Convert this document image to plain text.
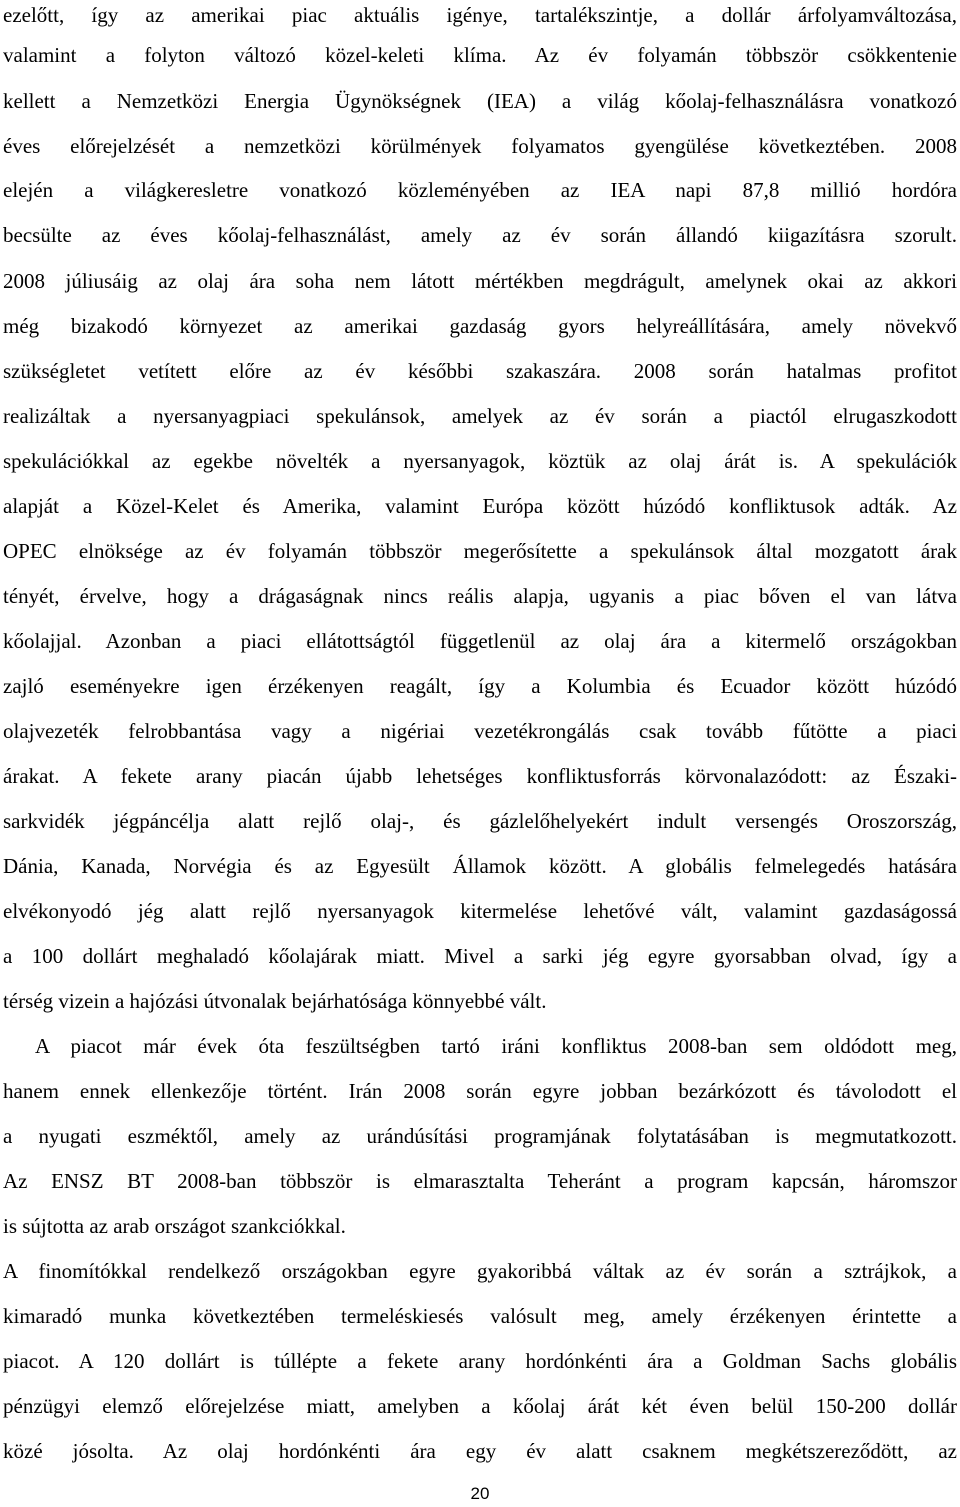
ezelőtt, így az amerikai piac aktuális igénye, tartalékszintje, a dollár árfolyamváltozása,
valamint a folyton változó közel-keleti klíma. Az év folyamán többször csökkentenie
kellett a Nemzetközi Energia Ügynökségnek (IEA) a világ kőolaj-felhasználásra vonatkozó
éves előrejelzését a nemzetközi körülmények folyamatos gyengülése következtében. 2008
elején a világkeresletre vonatkozó közleményében az IEA napi 87,8 millió hordóra
becsülte az éves kőolaj-felhasználást, amely az év során állandó kiigazításra szorult.
2008 júliusáig az olaj ára soha nem látott mértékben megdrágult, amelynek okai az akkori
még bizakodó környezet az amerikai gazdaság gyors helyreállítására, amely növekvő
szükségletet vetített előre az év későbbi szakaszára. 2008 során hatalmas profitot
realizáltak a nyersanyagpiaci spekulánsok, amelyek az év során a piactól elrugaszkodott
spekulációkkal az egekbe növelték a nyersanyagok, köztük az olaj árát is. A spekulációk
alapját a Közel-Kelet és Amerika, valamint Európa között húzódó konfliktusok adták. Az
OPEC elnöksége az év folyamán többször megerősítette a spekulánsok által mozgatott árak
tényét, érvelve, hogy a drágaságnak nincs reális alapja, ugyanis a piac bőven el van látva
kőolajjal. Azonban a piaci ellátottságtól függetlenül az olaj ára a kitermelő országokban
zajló eseményekre igen érzékenyen reagált, így a Kolumbia és Ecuador között húzódó
olajvezeték felrobbantása vagy a nigériai vezetékrongálás csak tovább fűtötte a piaci
árakat. A fekete arany piacán újabb lehetséges konfliktusforrás körvonalazódott: az Északi-
sarkvidék jégpáncélja alatt rejlő olaj-, és gázlelőhelyekért indult versengés Oroszország,
Dánia, Kanada, Norvégia és az Egyesült Államok között. A globális felmelegedés hatására
elvékonyodó jég alatt rejlő nyersanyagok kitermelése lehetővé vált, valamint gazdaságossá
a 100 dollárt meghaladó kőolajárak miatt. Mivel a sarki jég egyre gyorsabban olvad, így a
térség vizein a hajózási útvonalak bejárhatósága könnyebbé vált.
A piacot már évek óta feszültségben tartó iráni konfliktus 2008-ban sem oldódott meg,
hanem ennek ellenkezője történt. Irán 2008 során egyre jobban bezárkózott és távolodott el
a nyugati eszméktől, amely az urándúsítási programjának folytatásában is megmutatkozott.
Az ENSZ BT 2008-ban többször is elmarasztalta Teheránt a program kapcsán, háromszor
is sújtotta az arab országot szankciókkal.
A finomítókkal rendelkező országokban egyre gyakoribbá váltak az év során a sztrájkok, a
kimaradó munka következtében termeléskiesés valósult meg, amely érzékenyen érintette a
piacot. A 120 dollárt is túllépte a fekete arany hordónkénti ára a Goldman Sachs globális
pénzügyi elemző előrejelzése miatt, amelyben a kőolaj árát két éven belül 150-200 dollár
közé jósolta. Az olaj hordónkénti ára egy év alatt csaknem megkétszereződött, az
20
